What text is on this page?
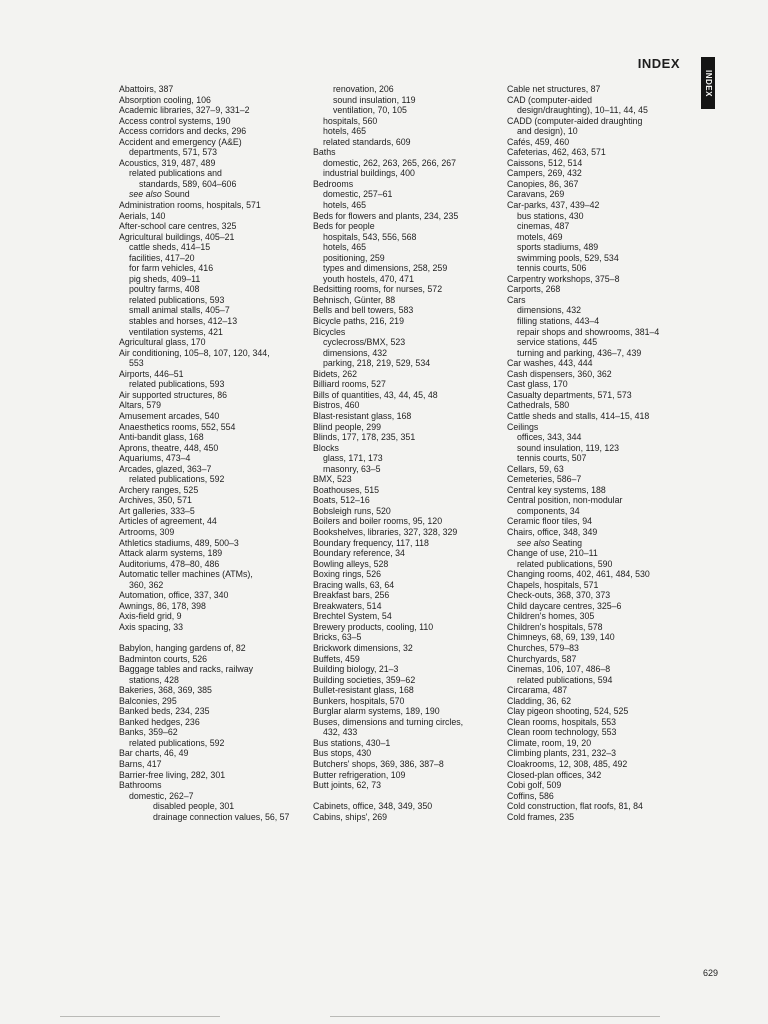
INDEX
INDEX
Abattoirs, 387
Absorption cooling, 106
Academic libraries, 327–9, 331–2
Access control systems, 190
Access corridors and decks, 296
Accident and emergency (A&E)
departments, 571, 573
Acoustics, 319, 487, 489
related publications and
standards, 589, 604–606
see also Sound
Administration rooms, hospitals, 571
Aerials, 140
After-school care centres, 325
Agricultural buildings, 405–21
cattle sheds, 414–15
facilities, 417–20
for farm vehicles, 416
pig sheds, 409–11
poultry farms, 408
related publications, 593
small animal stalls, 405–7
stables and horses, 412–13
ventilation systems, 421
Agricultural glass, 170
Air conditioning, 105–8, 107, 120, 344,
553
Airports, 446–51
related publications, 593
Air supported structures, 86
Altars, 579
Amusement arcades, 540
Anaesthetics rooms, 552, 554
Anti-bandit glass, 168
Aprons, theatre, 448, 450
Aquariums, 473–4
Arcades, glazed, 363–7
related publications, 592
Archery ranges, 525
Archives, 350, 571
Art galleries, 333–5
Articles of agreement, 44
Artrooms, 309
Athletics stadiums, 489, 500–3
Attack alarm systems, 189
Auditoriums, 478–80, 486
Automatic teller machines (ATMs),
360, 362
Automation, office, 337, 340
Awnings, 86, 178, 398
Axis-field grid, 9
Axis spacing, 33
Babylon, hanging gardens of, 82
Badminton courts, 526
Baggage tables and racks, railway
stations, 428
Bakeries, 368, 369, 385
Balconies, 295
Banked beds, 234, 235
Banked hedges, 236
Banks, 359–62
related publications, 592
Bar charts, 46, 49
Barns, 417
Barrier-free living, 282, 301
Bathrooms
domestic, 262–7
disabled people, 301
drainage connection values, 56, 57
renovation, 206
sound insulation, 119
ventilation, 70, 105
hospitals, 560
hotels, 465
related standards, 609
Baths
domestic, 262, 263, 265, 266, 267
industrial buildings, 400
Bedrooms
domestic, 257–61
hotels, 465
Beds for flowers and plants, 234, 235
Beds for people
hospitals, 543, 556, 568
hotels, 465
positioning, 259
types and dimensions, 258, 259
youth hostels, 470, 471
Bedsitting rooms, for nurses, 572
Behnisch, Günter, 88
Bells and bell towers, 583
Bicycle paths, 216, 219
Bicycles
cyclecross/BMX, 523
dimensions, 432
parking, 218, 219, 529, 534
Bidets, 262
Billiard rooms, 527
Bills of quantities, 43, 44, 45, 48
Bistros, 460
Blast-resistant glass, 168
Blind people, 299
Blinds, 177, 178, 235, 351
Blocks
glass, 171, 173
masonry, 63–5
BMX, 523
Boathouses, 515
Boats, 512–16
Bobsleigh runs, 520
Boilers and boiler rooms, 95, 120
Bookshelves, libraries, 327, 328, 329
Boundary frequency, 117, 118
Boundary reference, 34
Bowling alleys, 528
Boxing rings, 526
Bracing walls, 63, 64
Breakfast bars, 256
Breakwaters, 514
Brechtel System, 54
Brewery products, cooling, 110
Bricks, 63–5
Brickwork dimensions, 32
Buffets, 459
Building biology, 21–3
Building societies, 359–62
Bullet-resistant glass, 168
Bunkers, hospitals, 570
Burglar alarm systems, 189, 190
Buses, dimensions and turning circles,
432, 433
Bus stations, 430–1
Bus stops, 430
Butchers' shops, 369, 386, 387–8
Butter refrigeration, 109
Butt joints, 62, 73
Cabinets, office, 348, 349, 350
Cabins, ships', 269
Cable net structures, 87
CAD (computer-aided
design/draughting), 10–11, 44, 45
CADD (computer-aided draughting
and design), 10
Cafés, 459, 460
Cafeterias, 462, 463, 571
Caissons, 512, 514
Campers, 269, 432
Canopies, 86, 367
Caravans, 269
Car-parks, 437, 439–42
bus stations, 430
cinemas, 487
motels, 469
sports stadiums, 489
swimming pools, 529, 534
tennis courts, 506
Carpentry workshops, 375–8
Carports, 268
Cars
dimensions, 432
filling stations, 443–4
repair shops and showrooms, 381–4
service stations, 445
turning and parking, 436–7, 439
Car washes, 443, 444
Cash dispensers, 360, 362
Cast glass, 170
Casualty departments, 571, 573
Cathedrals, 580
Cattle sheds and stalls, 414–15, 418
Ceilings
offices, 343, 344
sound insulation, 119, 123
tennis courts, 507
Cellars, 59, 63
Cemeteries, 586–7
Central key systems, 188
Central position, non-modular
components, 34
Ceramic floor tiles, 94
Chairs, office, 348, 349
see also Seating
Change of use, 210–11
related publications, 590
Changing rooms, 402, 461, 484, 530
Chapels, hospitals, 571
Check-outs, 368, 370, 373
Child daycare centres, 325–6
Children's homes, 305
Children's hospitals, 578
Chimneys, 68, 69, 139, 140
Churches, 579–83
Churchyards, 587
Cinemas, 106, 107, 486–8
related publications, 594
Circarama, 487
Cladding, 36, 62
Clay pigeon shooting, 524, 525
Clean rooms, hospitals, 553
Clean room technology, 553
Climate, room, 19, 20
Climbing plants, 231, 232–3
Cloakrooms, 12, 308, 485, 492
Closed-plan offices, 342
Cobi golf, 509
Coffins, 586
Cold construction, flat roofs, 81, 84
Cold frames, 235
629
